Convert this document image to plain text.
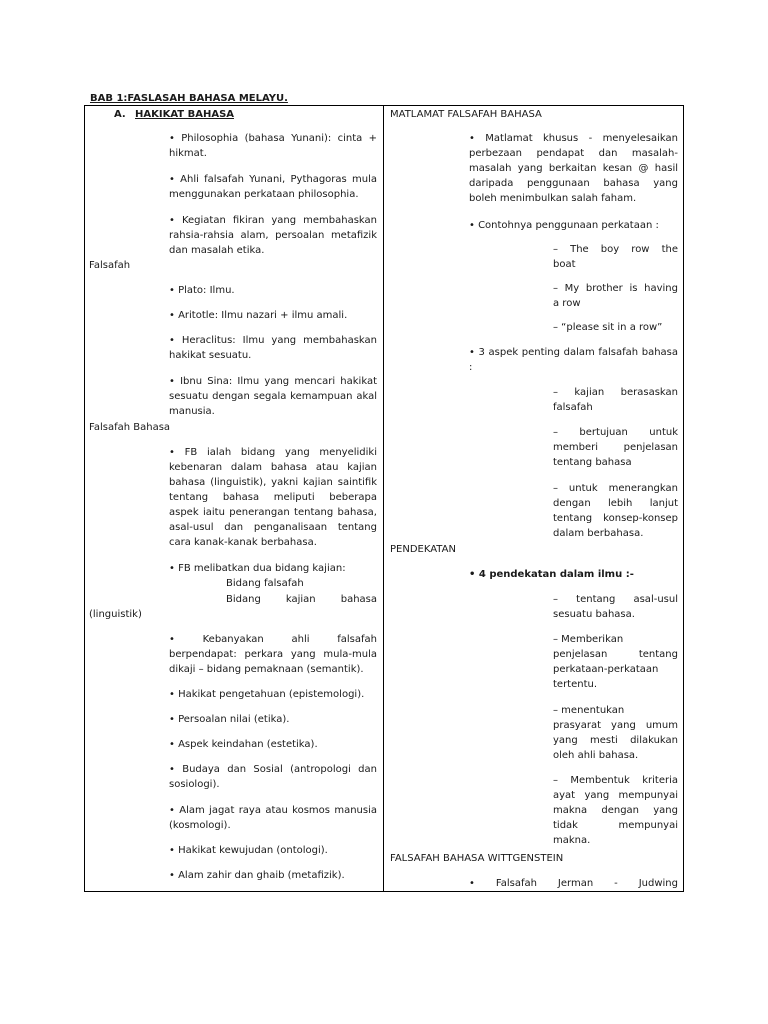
BAB 1:FASLASAH BAHASA MELAYU.
A. HAKIKAT BAHASA
• Philosophia (bahasa Yunani): cinta +
hikmat.
• Ahli falsafah Yunani, Pythagoras mula
menggunakan perkataan philosophia.
• Kegiatan fikiran yang membahaskan
rahsia-rahsia alam, persoalan metafizik
dan masalah etika.
Falsafah
• Plato: Ilmu.
• Aritotle: Ilmu nazari + ilmu amali.
• Heraclitus: Ilmu yang membahaskan
hakikat sesuatu.
• Ibnu Sina: Ilmu yang mencari hakikat
sesuatu dengan segala kemampuan akal
manusia.
Falsafah Bahasa
• FB ialah bidang yang menyelidiki
kebenaran dalam bahasa atau kajian
bahasa (linguistik), yakni kajian saintifik
tentang bahasa meliputi beberapa
aspek iaitu penerangan tentang bahasa,
asal-usul dan penganalisaan tentang
cara kanak-kanak berbahasa.
• FB melibatkan dua bidang kajian:
Bidang falsafah
Bidang kajian bahasa
(linguistik)
• Kebanyakan ahli falsafah
berpendapat: perkara yang mula-mula
dikaji – bidang pemaknaan (semantik).
• Hakikat pengetahuan (epistemologi).
• Persoalan nilai (etika).
• Aspek keindahan (estetika).
• Budaya dan Sosial (antropologi dan
sosiologi).
• Alam jagat raya atau kosmos manusia
(kosmologi).
• Hakikat kewujudan (ontologi).
• Alam zahir dan ghaib (metafizik).
MATLAMAT FALSAFAH BAHASA
• Matlamat khusus - menyelesaikan
perbezaan pendapat dan masalah-
masalah yang berkaitan kesan @ hasil
daripada penggunaan bahasa yang
boleh menimbulkan salah faham.
• Contohnya penggunaan perkataan :
– The boy row the
boat
– My brother is having
a row
– “please sit in a row”
• 3 aspek penting dalam falsafah bahasa
:
– kajian berasaskan
falsafah
– bertujuan untuk
memberi penjelasan
tentang bahasa
– untuk menerangkan
dengan lebih lanjut
tentang konsep-konsep
dalam berbahasa.
PENDEKATAN
• 4 pendekatan dalam ilmu :-
– tentang asal-usul
sesuatu bahasa.
– Memberikan
penjelasan tentang
perkataan-perkataan
tertentu.
– menentukan
prasyarat yang umum
yang mesti dilakukan
oleh ahli bahasa.
– Membentuk kriteria
ayat yang mempunyai
makna dengan yang
tidak mempunyai
makna.
FALSAFAH BAHASA WITTGENSTEIN
• Falsafah Jerman - Judwing
